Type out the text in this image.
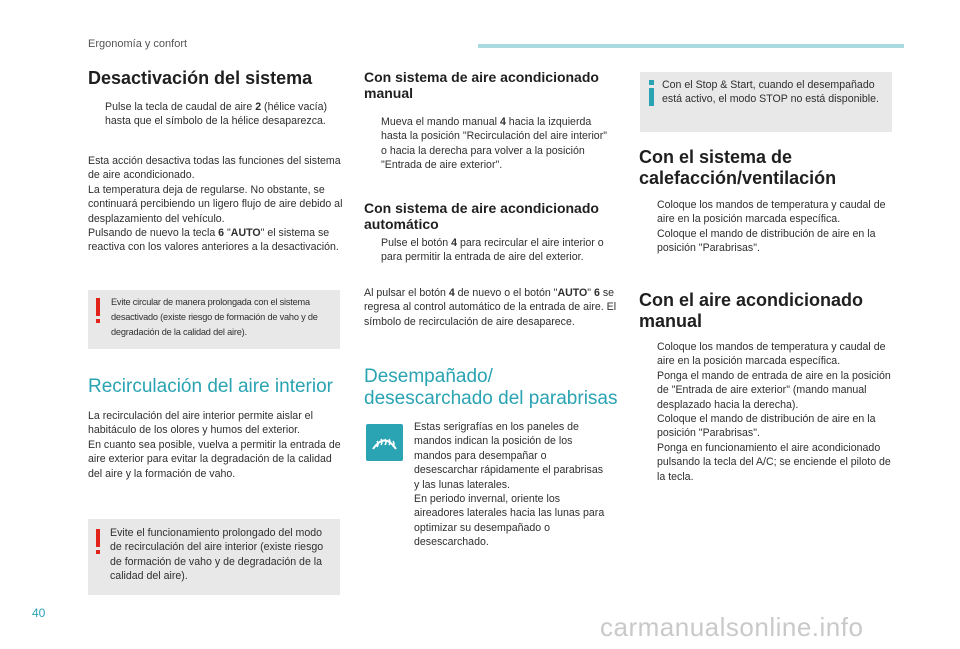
Ergonomía y confort
Desactivación del sistema
Pulse la tecla de caudal de aire 2 (hélice vacía) hasta que el símbolo de la hélice desaparezca.
Esta acción desactiva todas las funciones del sistema de aire acondicionado.
La temperatura deja de regularse. No obstante, se continuará percibiendo un ligero flujo de aire debido al desplazamiento del vehículo.
Pulsando de nuevo la tecla 6 "AUTO" el sistema se reactiva con los valores anteriores a la desactivación.
Evite circular de manera prolongada con el sistema desactivado (existe riesgo de formación de vaho y de degradación de la calidad del aire).
Recirculación del aire interior
La recirculación del aire interior permite aislar el habitáculo de los olores y humos del exterior.
En cuanto sea posible, vuelva a permitir la entrada de aire exterior para evitar la degradación de la calidad del aire y la formación de vaho.
Evite el funcionamiento prolongado del modo de recirculación del aire interior (existe riesgo de formación de vaho y de degradación de la calidad del aire).
Con sistema de aire acondicionado manual
Mueva el mando manual 4 hacia la izquierda hasta la posición "Recirculación del aire interior" o hacia la derecha para volver a la posición "Entrada de aire exterior".
Con sistema de aire acondicionado automático
Pulse el botón 4 para recircular el aire interior o para permitir la entrada de aire del exterior.
Al pulsar el botón 4 de nuevo o el botón "AUTO" 6 se regresa al control automático de la entrada de aire. El símbolo de recirculación de aire desaparece.
Desempañado/ desescarchado del parabrisas
Estas serigrafías en los paneles de mandos indican la posición de los mandos para desempañar o desescarchar rápidamente el parabrisas y las lunas laterales.
En periodo invernal, oriente los aireadores laterales hacia las lunas para optimizar su desempañado o desescarchado.
Con el Stop & Start, cuando el desempañado está activo, el modo STOP no está disponible.
Con el sistema de calefacción/ventilación
Coloque los mandos de temperatura y caudal de aire en la posición marcada específica.
Coloque el mando de distribución de aire en la posición "Parabrisas".
Con el aire acondicionado manual
Coloque los mandos de temperatura y caudal de aire en la posición marcada específica.
Ponga el mando de entrada de aire en la posición de "Entrada de aire exterior" (mando manual desplazado hacia la derecha).
Coloque el mando de distribución de aire en la posición "Parabrisas".
Ponga en funcionamiento el aire acondicionado pulsando la tecla del A/C; se enciende el piloto de la tecla.
40	carmanualsonline.info
